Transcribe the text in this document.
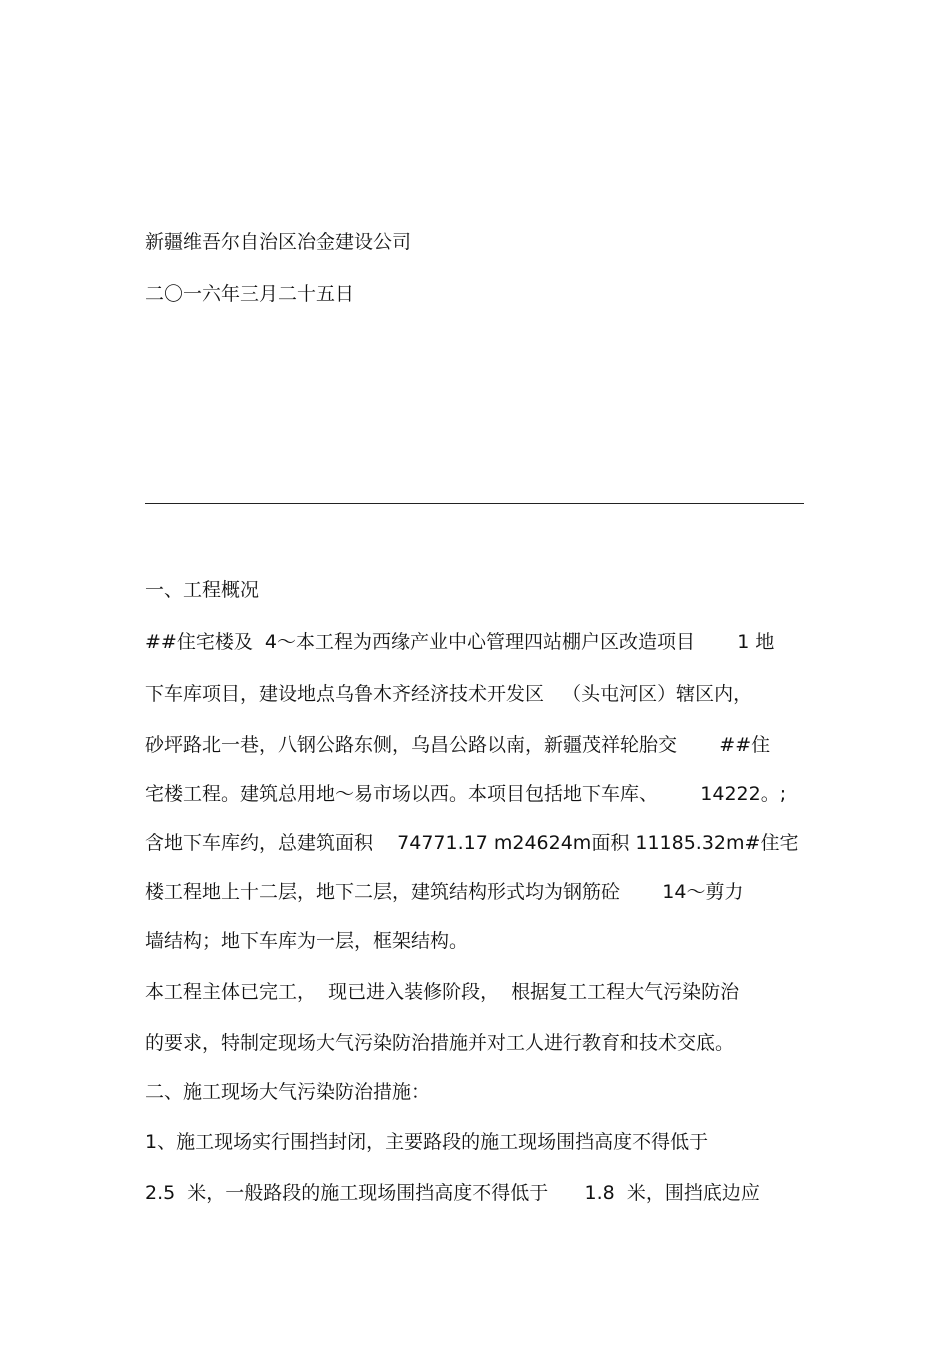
新疆维吾尔自治区冶金建设公司
二〇一六年三月二十五日
一、工程概况
##住宅楼及  4～本工程为西缘产业中心管理四站棚户区改造项目       1 地
下车库项目，建设地点乌鲁木齐经济技术开发区   （头屯河区）辖区内，
砂坪路北一巷，八钢公路东侧，乌昌公路以南，新疆茂祥轮胎交       ##住
宅楼工程。建筑总用地～易市场以西。本项目包括地下车库、       14222。;
含地下车库约，总建筑面积    74771.17 m24624m面积 11185.32m#住宅
楼工程地上十二层，地下二层，建筑结构形式均为钢筋砼       14～剪力
墙结构；地下车库为一层，框架结构。
本工程主体已完工，  现已进入装修阶段，  根据复工工程大气污染防治
的要求，特制定现场大气污染防治措施并对工人进行教育和技术交底。
二、施工现场大气污染防治措施：
1、施工现场实行围挡封闭，主要路段的施工现场围挡高度不得低于
2.5  米，一般路段的施工现场围挡高度不得低于      1.8  米，围挡底边应
